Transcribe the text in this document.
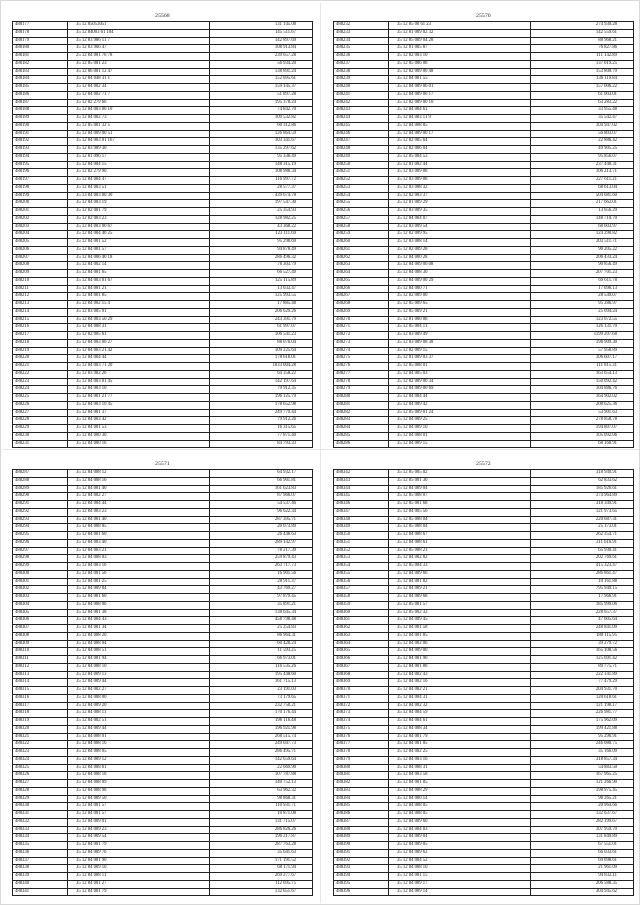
25568
488177	35 12 85053051	131 145.08
488178	35 12 84003 61 104	145 511.67
488179	35 12 83 986 11 7	142 897.69
488180	35 12 83 966 47	108 913.84
488181	25 12 84 001 76 78	239 657.28
488182	35 12 85 001 23	56 934.20
488183	35 12 86 001 12 47	138 891.24
488184	35 12 84 048 31 1	152 695.61
488185	35 12 84 002 34	159 145.37
488186	35 12 84 002 71 7	51 897.28
488187	35 12 82 279 66	195 378.24
488188	35 12 84 003 00 10	74 842.70
488189	35 12 84 002 73	109 532.82
488190	35 12 85 001 32 5	60 312.86
488191	35 12 84 009 00 51	126 864.59
488192	35 12 84 003 01 167	103 341.67
488193	35 12 83 989 30	135 297.62
488194	35 12 81 096 17	95 336.49
488195	35 12 84 004 15	148 315.19
488196	35 12 82 279 90	108 988.34
488197	35 12 84 004 47	116 997.72
488198	35 12 84 003 51	28 577.37
488199	35 13 84 003 00 30	439 674.78
488200	35 12 84 003 19	197 547.30
488201	35 12 82 001 79	25 354.93
488202	35 12 82 003 23	128 982.25
488203	35 12 84 003 00 67	43 368.22
488204	35 12 84 004 40 25	123 111.69
488205	35 12 84 001 52	95 298.69
488206	35 12 84 001 57	94 878.49
488207	35 12 84 006 40 18	286 496.32
488208	35 12 84 002 14	78 303.79
488209	35 12 84 001 65	66 527.49
488210	35 12 84 003 01 67	125 115.89
488211	35 12 84 001 21	13 033.47
488212	35 12 84 001 85	125 993.55
488213	35 12 84 002 15 4	17 885.48
488214	35 12 83 005 91	206 629.26
488215	35 12 84 003 50 29	243 391.79
488216	35 12 84 008 31	61 997.07
488217	35 12 82 005 61	106 541.23
488218	35 12 84 003 00 27	88 076.04
488219	35 12 84 003 21 42	109 225.64
488220	35 12 84 004 44	178 618.01
488221	35 12 84 003 71 20	1033 004.28
488222	35 12 83 982 26	64 358.22
488223	35 12 84 003 01 45	142 197.64
488224	35 12 84 003 10	79 912.35
488225	35 12 84 001 21 77	196 125.79
488226	35 12 84 003 10 45	178 652.98
488227	35 12 84 001 37	249 779.44
488228	35 12 84 003 42	79 912.26
488229	35 12 84 001 53	16 315.65
488230	35 12 84 000 30	77 871.40
488231	35 12 84 000 16	84 793.33
25570
488232	35 12 85 00 61 23	274 930.28
488233	35 12 81 009 02 32	142 559.61
488234	35 12 85 009 04 28	88 968.21
488235	35 12 81 005 87	76 827.86
488236	35 12 82 003 10	111 142.89
488237	35 12 85 006 08	137 019.25
488238	35 12 82 009 00 48	153 800.79
488239	35 12 84 001 55	136 119.84
488240	35 12 84 009 06 01	157 006.22
488241	35 12 84 009 00 17	61 003.01
488242	35 12 82 009 00 10	63 283.22
488243	35 12 84 004 61	33 955.48
488244	35 12 84 003 11 9	35 542.47
488245	35 12 84 008 85	104 947.02
488246	35 12 84 009 00 17	56 803.07
488247	35 12 82 005 64	22 886.42
488248	35 12 82 006 04	49 905.25
488249	35 12 85 004 53	95 856.07
488250	35 12 81 002 44	237 448.31
488251	35 12 83 009 08	106 213.71
488252	35 12 83 009 08	227 611.21
488253	35 12 83 008 32	68 613.04
488254	35 12 82 003 37	504 681.60
488255	35 12 81 009 29	217 662.01
488256	35 12 83 009 35	13 656.29
488257	35 12 84 004 07	148 710.70
488258	35 12 83 009 54	68 603.97
488259	35 12 82 009 95	124 290.82
488260	35 12 83 008 14	203 511.71
488261	35 12 82 009 28	90 205.22
488262	35 12 84 000 28	206 433.24
488263	35 12 84 009 00 08	90 856.49
488264	35 12 84 008 30	207 701.23
488265	35 12 84 009 00 29	69 611.78
488266	35 12 84 000 71	17 096.13
488267	35 12 82 009 00	28 549.07
488268	35 12 85 009 65	95 286.97
488269	35 12 85 009 21	25 094.24
488270	35 12 81 000 08	123 072.55
488271	35 12 85 004 11	126 131.70
488272	35 12 83 009 49	1199 207.68
488273	35 12 83 009 08 38	198 909.30
488274	35 12 82 009 15	57 958.89
488275	35 12 81 009 03 37	106 607.17
488276	35 12 85 008 01	111 815.31
488277	35 12 84 005 03	163 654.13
488278	35 12 82 009 00 34	150 092.42
488279	35 12 84 009 00 69	104 886.76
488280	35 12 84 004 44	164 902.02
488281	35 12 84 009 42	208 625.36
488282	35 12 85 009 01 24	53 901.63
488283	35 12 84 009 25	278 858.78
488284	35 12 84 009 10	194 807.07
488285	35 12 84 008 01	105 092.06
488286	35 12 84 009 15	68 168.91
25571
488287	35 12 84 008 12	64 932.17
488288	35 12 84 008 16	66 901.81
488289	35 12 84 001 40	161 623.83
488290	35 12 84 002 27	87 966.07
488291	35 12 84 004 44	54 537.46
488292	35 12 84 003 23	96 622.34
488293	35 12 84 001 40	287 395.71
488294	35 12 84 008 85	20 073.89
488295	35 12 84 001 60	26 448.63
488296	35 12 84 003 40	289 142.97
488297	35 12 84 003 21	78 217.39
488298	35 12 84 008 03	259 879.43
488299	35 12 84 003 16	263 717.73
488300	35 12 84 001 56	16 901.56
488301	35 12 84 001 25	28 911.37
488302	35 12 84 009 04	43 769.27
488303	35 12 84 001 60	97 879.45
488304	35 12 84 008 06	35 891.21
488305	35 12 84 001 38	138 645.34
488306	35 12 84 004 43	458 798.48
488307	35 12 84 001 34	25 254.83
488308	35 12 84 008 20	86 964.31
488309	35 12 84 008 04	60 428.24
488310	35 12 84 008 51	11 593.25
488311	35 12 84 001 94	66 973.01
488312	35 12 84 008 10	116 535.26
488313	35 12 84 009 13	195 448.60
488314	35 12 84 009 44	161 715.13
488315	35 12 84 002 27	23 191.03
488316	35 12 84 008 00	73 179.65
488317	35 12 84 009 20	232 750.21
488318	35 12 84 008 11	170 176.44
488319	35 12 84 002 51	196 116.48
488320	35 12 84 009 44	196 921.98
488321	35 12 84 008 01	268 515.74
488322	35 12 84 008 16	249 047.73
488323	35 12 84 008 05	286 495.71
488324	35 12 84 009 12	142 659.64
488325	35 12 84 008 61	22 669.90
488326	35 12 84 008 18	107 787.88
488327	35 12 84 008 09	140 752.13
488328	35 12 84 008 98	63 962.32
488329	35 12 84 009 50	98 868.31
488330	35 12 84 001 57	110 931.71
488331	35 12 84 001 57	10 871.08
488332	35 12 84 009 01	131 715.07
488333	35 12 84 009 23	286 826.26
488334	35 12 84 009 54	196 217.87
488335	35 12 84 001 79	287 763.28
488336	35 12 84 009 76	35 641.63
488337	35 12 84 001 90	171 191.52
488338	35 12 84 009 10	68 171.94
488339	35 12 84 008 11	269 277.67
488340	35 12 84 001 27	112 695.75
488341	35 12 84 001 79	132 651.67
25572
488342	35 12 85 005 02	318 949.91
488343	35 12 85 001 30	62 833.62
488344	35 12 84 009 04	185 926.61
488345	35 12 85 008 07	374 964.89
488346	35 12 85 001 68	318 349.91
488347	35 12 84 005 56	121 973.65
488348	35 12 85 008 04	220 687.31
488349	35 12 85 008 04	25 173.01
488350	35 12 84 008 67	262 354.71
488351	35 12 84 008 61	211 616.91
488352	35 12 85 008 21	65 930.41
488353	35 12 84 002 82	202 769.61
488354	35 12 85 004 33	415 323.47
488355	35 12 84 009 66	286 861.47
488356	35 12 84 001 82	10 161.88
488357	35 12 84 009 21	795 949.15
488358	35 12 84 009 68	17 966.91
488359	35 12 85 001 57	185 999.06
488360	35 12 85 002 32	228 657.37
488361	35 12 84 009 45	47 605.64
488362	35 12 84 001 58	248 841.09
488363	35 12 84 001 85	180 115.95
488364	35 12 84 002 06	39 279.72
488365	35 12 84 009 00	165 108.56
488366	35 12 84 001 90	125 691.42
488367	35 12 84 001 88	89 775.71
488368	35 12 84 002 43	222 141.89
488369	35 12 84 002 16	77 479.29
488370	35 12 84 002 21	204 931.70
488371	35 12 84 004 31	128 618.61
488372	35 12 84 002 32	121 198.17
488373	35 12 84 004 59	226 981.77
488374	35 12 84 004 61	175 962.09
488375	35 12 84 008 34	199 421.88
488376	35 12 84 001 79	95 296.91
488377	35 12 84 001 05	246 080.75
488378	35 12 84 002 25	35 166.09
488379	35 12 84 003 16	318 857.34
488380	35 12 84 008 31	54 883.50
488381	35 12 84 003 58	167 965.25
488382	35 12 84 001 85	121 266.90
488383	35 12 84 008 29	198 975.45
488384	35 12 84 000 14	98 265.21
488385	35 12 84 008 05	20 964.66
488386	35 12 84 008 05	132 637.67
488387	35 12 84 009 60	282 199.67
488388	35 12 84 004 03	107 959.70
488389	35 12 84 009 04	131 849.89
488390	35 12 84 009 05	67 551.01
488391	35 12 84 009 62	66 033.61
488392	35 12 84 004 52	69 098.61
488393	35 12 84 008 10	21 961.09
488394	35 12 84 001 15	94 832.11
488395	35 12 84 009 17	206 588.35
488396	35 12 84 009 14	304 945.62
